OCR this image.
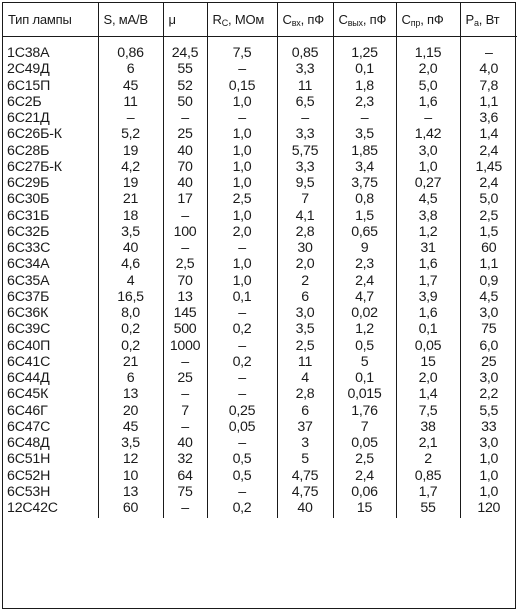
Тип лампы	S, мА/В	μ	$R_C$, МОм	$C_{вх}$, пФ	$C_{вых}$, пФ	$C_{пр}$, пФ	$P_a$, Вт
1С38А	0,86	24,5	7,5	0,85	1,25	1,15	–
2С49Д	6	55	–	3,3	0,1	2,0	4,0
6С15П	45	52	0,15	11	1,8	5,0	7,8
6С2Б	11	50	1,0	6,5	2,3	1,6	1,1
6С21Д	–	–	–	–	–	–	3,6
6С26Б-К	5,2	25	1,0	3,3	3,5	1,42	1,4
6С28Б	19	40	1,0	5,75	1,85	3,0	2,4
6С27Б-К	4,2	70	1,0	3,3	3,4	1,0	1,45
6С29Б	19	40	1,0	9,5	3,75	0,27	2,4
6С30Б	21	17	2,5	7	0,8	4,5	5,0
6С31Б	18	–	1,0	4,1	1,5	3,8	2,5
6С32Б	3,5	100	2,0	2,8	0,65	1,2	1,5
6С33С	40	–	–	30	9	31	60
6С34А	4,6	2,5	1,0	2,0	2,3	1,6	1,1
6С35А	4	70	1,0	2	2,4	1,7	0,9
6С37Б	16,5	13	0,1	6	4,7	3,9	4,5
6С36К	8,0	145	–	3,0	0,02	1,6	3,0
6С39С	0,2	500	0,2	3,5	1,2	0,1	75
6С40П	0,2	1000	–	2,5	0,5	0,05	6,0
6С41С	21	–	0,2	11	5	15	25
6С44Д	6	25	–	4	0,1	2,0	3,0
6С45К	13	–	–	2,8	0,015	1,4	2,2
6С46Г	20	7	0,25	6	1,76	7,5	5,5
6С47С	45	–	0,05	37	7	38	33
6С48Д	3,5	40	–	3	0,05	2,1	3,0
6С51Н	12	32	0,5	5	2,5	2	1,0
6С52Н	10	64	0,5	4,75	2,4	0,85	1,0
6С53Н	13	75	–	4,75	0,06	1,7	1,0
12С42С	60	–	0,2	40	15	55	120
